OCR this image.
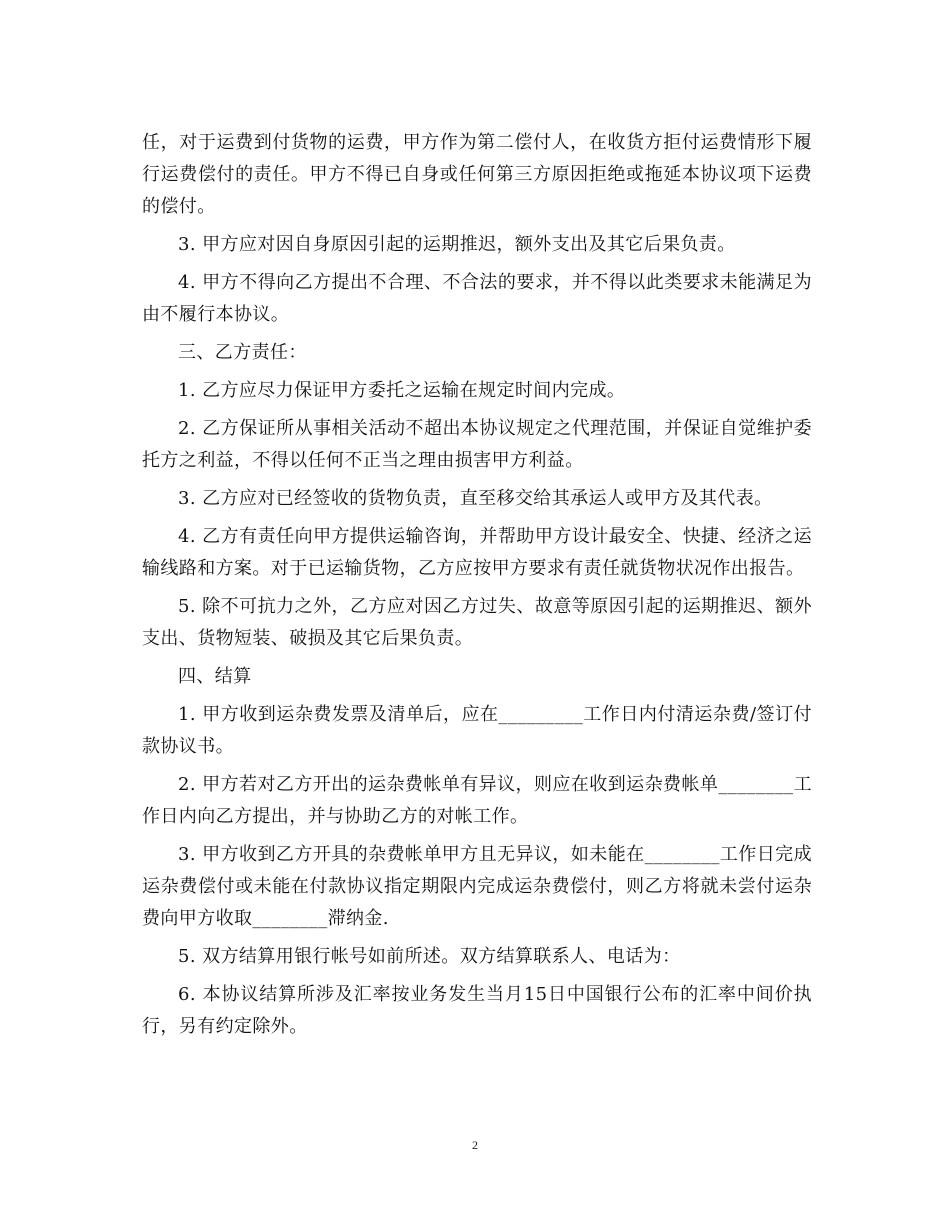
任，对于运费到付货物的运费，甲方作为第二偿付人，在收货方拒付运费情形下履行运费偿付的责任。甲方不得已自身或任何第三方原因拒绝或拖延本协议项下运费的偿付。

3. 甲方应对因自身原因引起的运期推迟，额外支出及其它后果负责。

4. 甲方不得向乙方提出不合理、不合法的要求，并不得以此类要求未能满足为由不履行本协议。

三、乙方责任：

1. 乙方应尽力保证甲方委托之运输在规定时间内完成。

2. 乙方保证所从事相关活动不超出本协议规定之代理范围，并保证自觉维护委托方之利益，不得以任何不正当之理由损害甲方利益。

3. 乙方应对已经签收的货物负责，直至移交给其承运人或甲方及其代表。

4. 乙方有责任向甲方提供运输咨询，并帮助甲方设计最安全、快捷、经济之运输线路和方案。对于已运输货物，乙方应按甲方要求有责任就货物状况作出报告。

5. 除不可抗力之外，乙方应对因乙方过失、故意等原因引起的运期推迟、额外支出、货物短装、破损及其它后果负责。

四、结算

1. 甲方收到运杂费发票及清单后，应在_________工作日内付清运杂费/签订付款协议书。

2. 甲方若对乙方开出的运杂费帐单有异议，则应在收到运杂费帐单________工作日内向乙方提出，并与协助乙方的对帐工作。

3. 甲方收到乙方开具的杂费帐单甲方且无异议，如未能在________工作日完成运杂费偿付或未能在付款协议指定期限内完成运杂费偿付，则乙方将就未尝付运杂费向甲方收取________滞纳金.

5. 双方结算用银行帐号如前所述。双方结算联系人、电话为：

6. 本协议结算所涉及汇率按业务发生当月15日中国银行公布的汇率中间价执行，另有约定除外。

2
